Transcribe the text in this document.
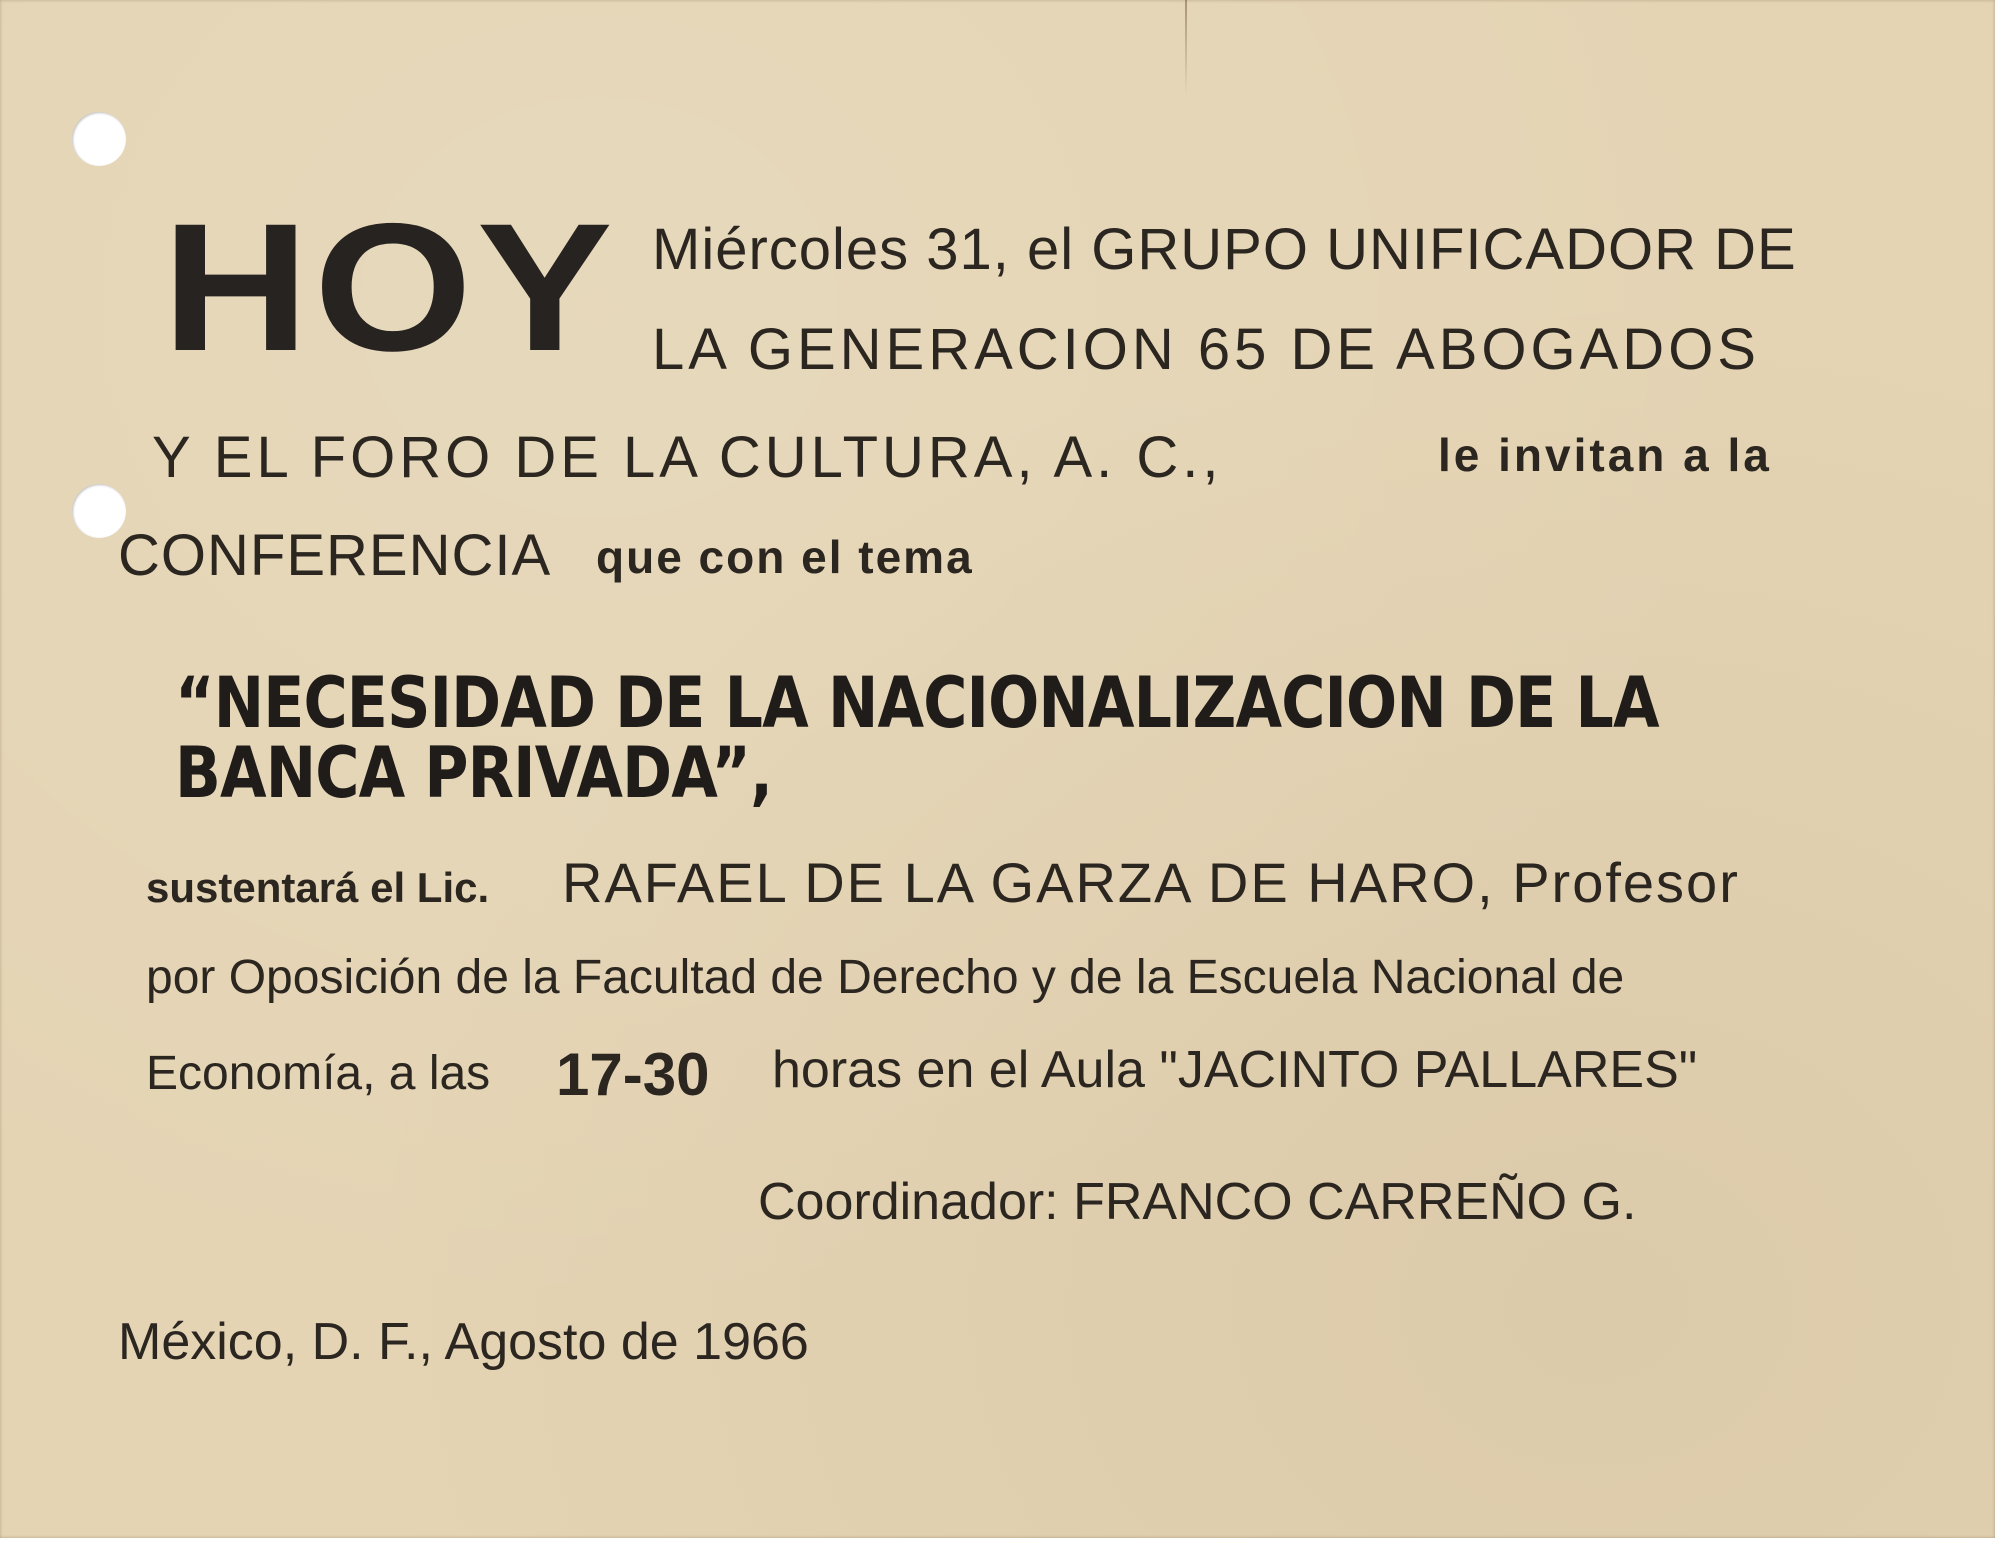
HOY Miércoles 31, el GRUPO UNIFICADOR DE
LA GENERACION 65 DE ABOGADOS
Y EL FORO DE LA CULTURA, A. C.,	le invitan a la
CONFERENCIA que con el tema
“NECESIDAD DE LA NACIONALIZACION DE LA BANCA PRIVADA”,
sustentará el Lic. RAFAEL DE LA GARZA DE HARO, Profesor
por Oposición de la Facultad de Derecho y de la Escuela Nacional de
Economía, a las 17-30 horas en el Aula "JACINTO PALLARES"
Coordinador: FRANCO CARREÑO G.
México, D. F., Agosto de 1966
